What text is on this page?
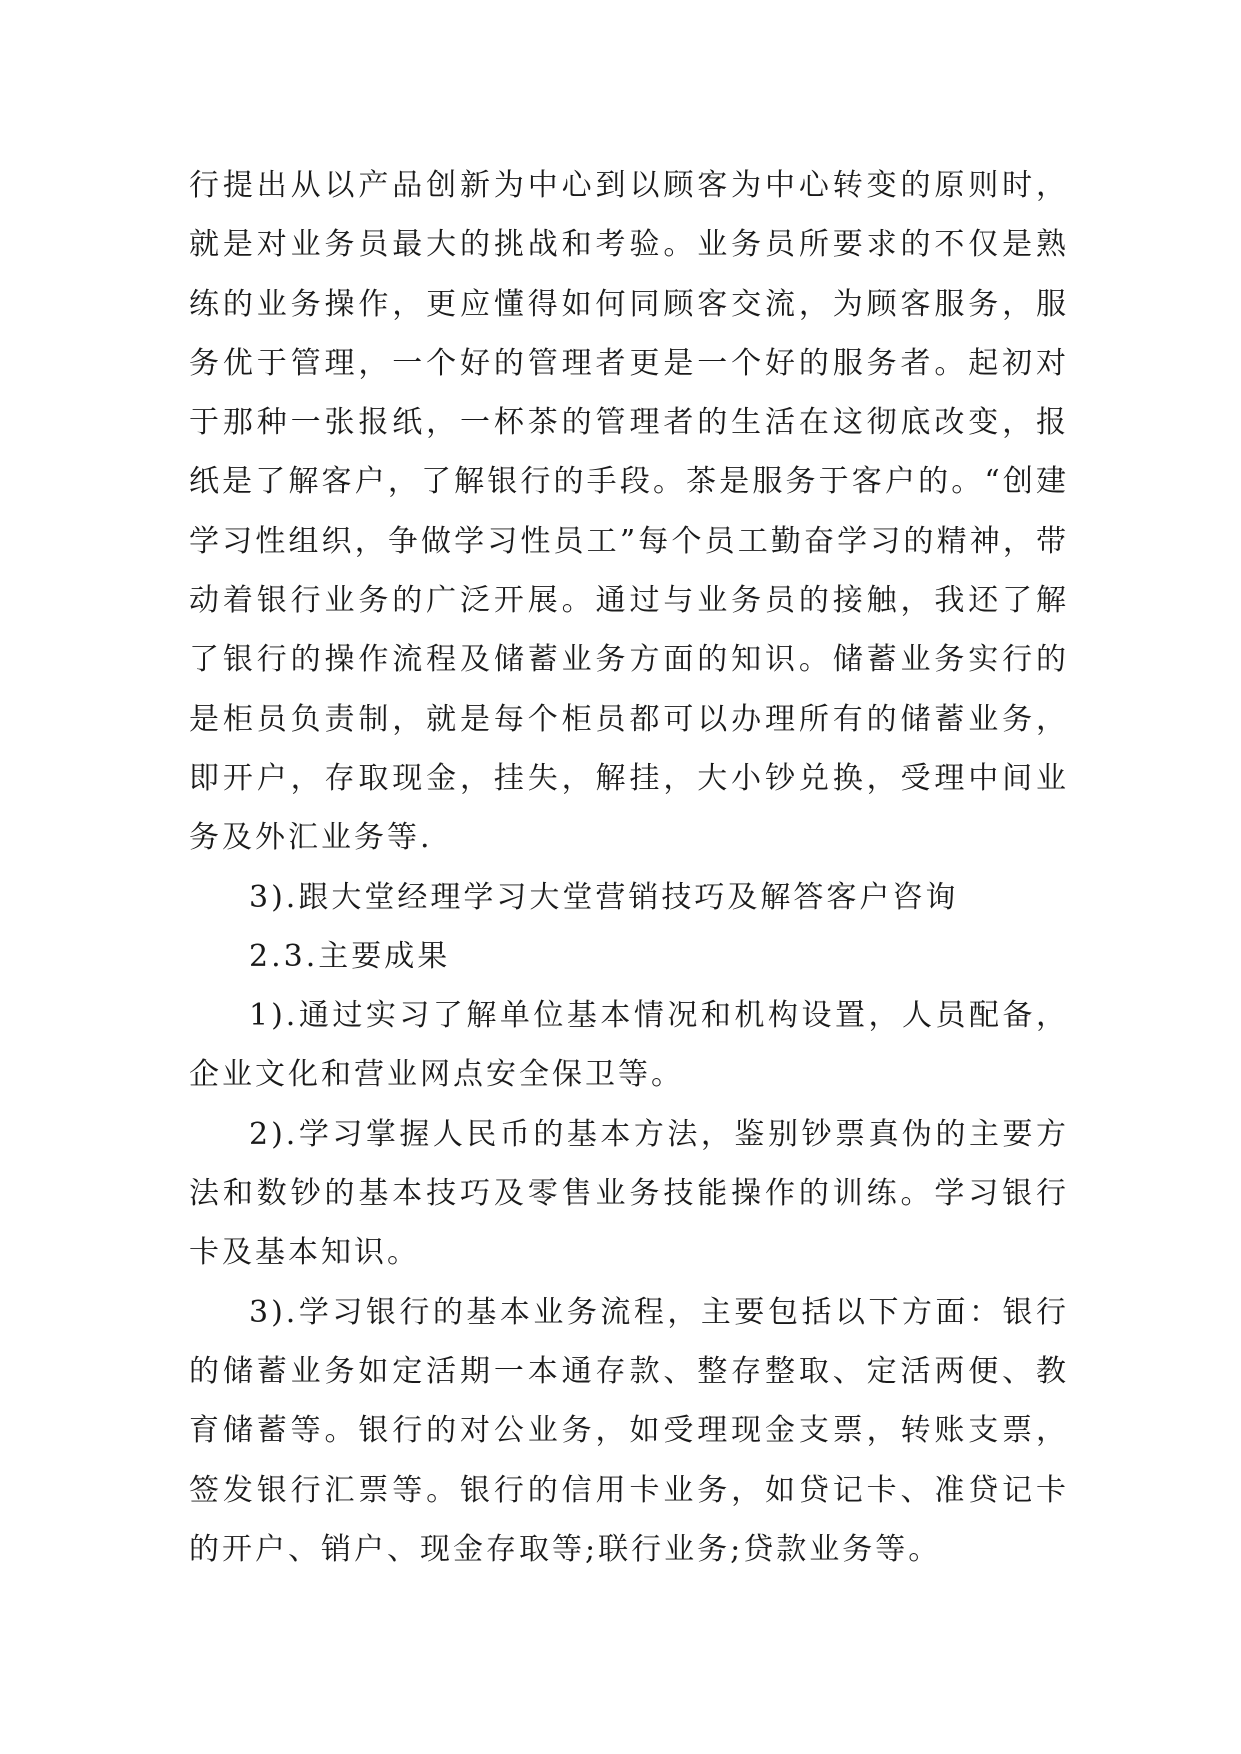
行提出从以产品创新为中心到以顾客为中心转变的原则时，就是对业务员最大的挑战和考验。业务员所要求的不仅是熟练的业务操作，更应懂得如何同顾客交流，为顾客服务，服务优于管理，一个好的管理者更是一个好的服务者。起初对于那种一张报纸，一杯茶的管理者的生活在这彻底改变，报纸是了解客户，了解银行的手段。茶是服务于客户的。“创建学习性组织，争做学习性员工”每个员工勤奋学习的精神，带动着银行业务的广泛开展。通过与业务员的接触，我还了解了银行的操作流程及储蓄业务方面的知识。储蓄业务实行的是柜员负责制，就是每个柜员都可以办理所有的储蓄业务，即开户，存取现金，挂失，解挂，大小钞兑换，受理中间业务及外汇业务等.

3).跟大堂经理学习大堂营销技巧及解答客户咨询

2.3.主要成果

1).通过实习了解单位基本情况和机构设置，人员配备，企业文化和营业网点安全保卫等。

2).学习掌握人民币的基本方法，鉴别钞票真伪的主要方法和数钞的基本技巧及零售业务技能操作的训练。学习银行卡及基本知识。

3).学习银行的基本业务流程，主要包括以下方面：银行的储蓄业务如定活期一本通存款、整存整取、定活两便、教育储蓄等。银行的对公业务，如受理现金支票，转账支票，签发银行汇票等。银行的信用卡业务，如贷记卡、准贷记卡的开户、销户、现金存取等;联行业务;贷款业务等。
